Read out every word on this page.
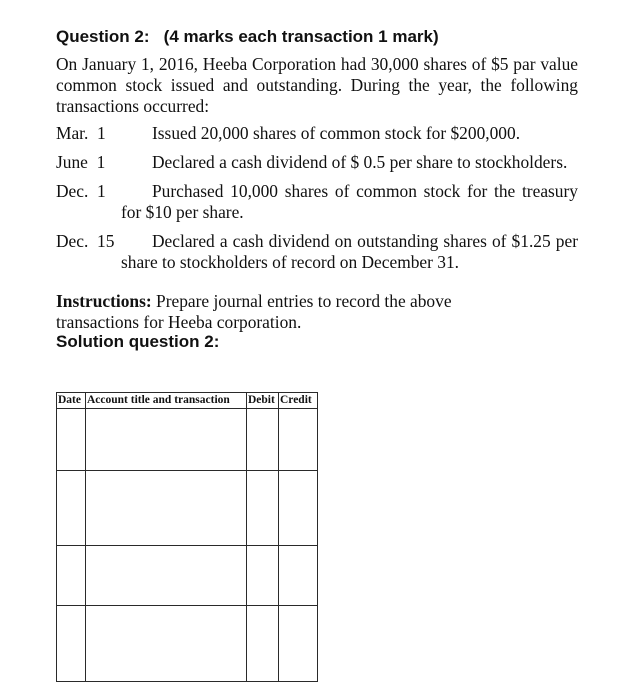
Question 2:   (4 marks each transaction 1 mark)

On January 1, 2016, Heeba Corporation had 30,000 shares of $5 par value common stock issued and outstanding. During the year, the following transactions occurred:

Mar.  1	Issued 20,000 shares of common stock for $200,000.
June  1	Declared a cash dividend of $ 0.5 per share to stockholders.
Dec.  1	Purchased 10,000 shares of common stock for the treasury for $10 per share.
Dec.  15	Declared a cash dividend on outstanding shares of $1.25 per share to stockholders of record on December 31.
Instructions: Prepare journal entries to record the above transactions for Heeba corporation.
Solution question 2:
Date	Account title and transaction	Debit	Credit
